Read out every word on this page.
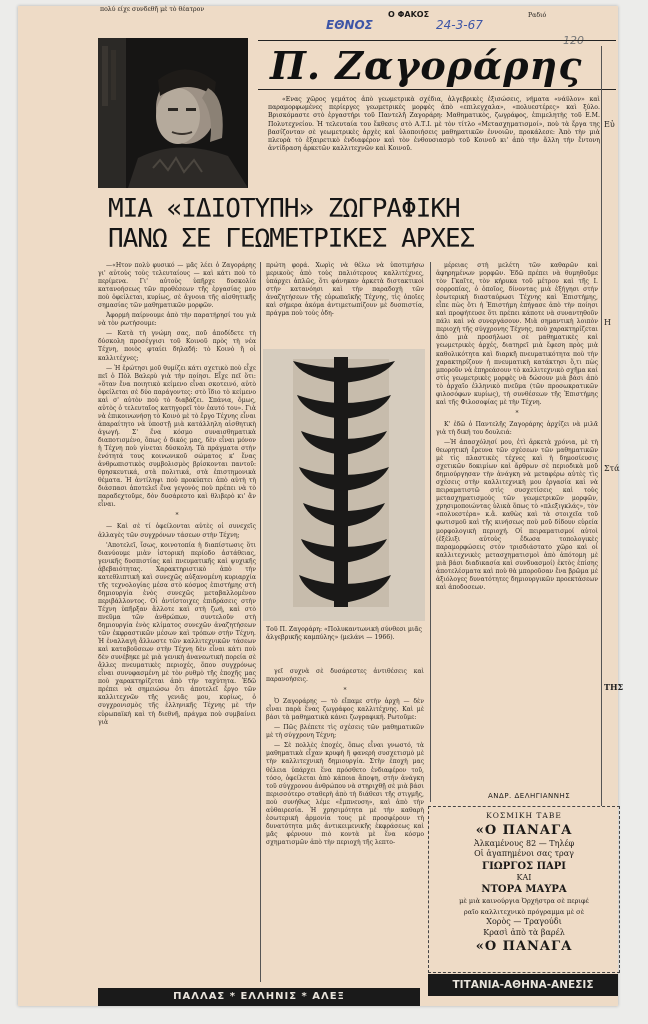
πολύ είχε συνδεθῆ μὲ τὸ θέατρον
Ραδιό
Ο ΦΑΚΟΣ
ΕΘΝΟΣ	24-3-67
120
Π. Ζαγοράρης
«Ενας χῶρος γεμάτος ἀπὸ γεωμετρικὰ σχέδια, ἀλγεβρικὲς ἐξισώσεις, νήματα «νάϋλον» καὶ παραμορφωμένες περίεργες γεωμετρικὲς μορφὲς ἀπὸ «επιλεγχαλα», «πολυεστέρες» καὶ ξύλο. Βρισκόμαστε στὸ ἐργαστήρι τοῦ Παντελῆ Ζαγοράρη: Μαθηματικὸς, ζωγράφος, ἐπιμελητὴς τοῦ Ε.Μ. Πολυτεχνείου. Ἡ τελευταία του ἔκθεσις στὸ Α.Τ.Ι. μὲ τὸν τίτλο «Μετασχηματισμοί», ποὺ τὰ ἔργα της βασίζονταν σὲ γεωμετρικὲς ἀρχὲς καὶ ὑλοποιήσεις μαθηματικῶν ἐννοιῶν, προκάλεσε: Ἀπὸ τὴν μιὰ πλευρὰ τὸ ἐξαιρετικὸ ἐνδιαφέρον καὶ τὸν ἐνθουσιασμὸ τοῦ Κοινοῦ κι' ἀπὸ τὴν ἄλλη τὴν ἔντονη ἀντίδραση ἀρκετῶν καλλιτεχνῶν καὶ Κοινοῦ.
ΜΙΑ «ΙΔΙΟΤΥΠΗ» ΖΩΓΡΑΦΙΚΗ
ΠΑΝΩ ΣΕ ΓΕΩΜΕΤΡΙΚΕΣ ΑΡΧΕΣ

—«Ητον πολὺ φυσικό — μᾶς λέει ὁ Ζαγοράρης γι' αὐτοὺς τοὺς τελευταίους — καὶ κάτι ποὺ τὸ περίμενα. Γι' αὐτοὺς ὑπῆρχε δυσκολία κατανοήσεως τῶν προθέσεων τῆς ἐργασίας μου ποὺ ὀφείλεται, κυρίως, σὲ ἄγνοια τῆς αἰσθητικῆς σημασίας τῶν μαθηματικῶν μορφῶν.

Ἀφορμὴ παίρνουμε ἀπὸ τὴν παρατήρησί του γιὰ νὰ τὸν ρωτήσουμε:

— Κατὰ τὴ γνώμη σας, ποῦ ἀποδίδετε τὴ δύσκολη προσέγγισι τοῦ Κοινοῦ πρὸς τὴ νέα Τέχνη, ποιὸς φταίει δηλαδή: τὸ Κοινὸ ἢ οἱ καλλιτέχνες;

— Ἡ ἐρώτησι μοῦ θυμίζει κάτι σχετικὸ ποὺ εἶχε πεῖ ὁ Πὸλ Βαλερὺ γιὰ τὴν ποίησι. Εἶχε πεῖ ὅτι: «ὅταν ἕνα ποιητικὸ κείμενο εἶναι σκοτεινό, αὐτὸ ὀφείλεται σὲ δύο παράγοντες: στὸ ἴδιο τὸ κείμενο καὶ σ' αὐτὸν ποὺ τὸ διαβάζει. Σπάνια, ὅμως, αὐτὸς ὁ τελευταῖος κατηγορεῖ τὸν ἑαυτό του». Γιὰ νὰ ἐπικοινωνήσῃ τὸ Κοινὸ μὲ τὸ ἔργο Τέχνης εἶναι ἀπαραίτητο νὰ ὑποστῇ μιὰ κατάλληλη αἰσθητικὴ ἀγωγή. Σ' ἕνα κόσμο συναισθηματικὰ διαποτισμένο, ὅπως ὁ δικός μας, δὲν εἶναι μόνον ἡ Τέχνη ποὺ γίνεται δύσκολη. Τὰ πράγματα στὴν ἑνότητά τους κοινωνικοῦ σώματος κ' ἕνας ἀνθρωπιστικὸς συμβολισμὸς βρίσκονται παντοῦ: θρησκευτικά, στὰ πολιτικά, στὰ ἐπιστημονικὰ θέματα. Ἡ ἀντίληψι ποὺ προκύπτει ἀπὸ αὐτὴ τὴ διάσπασι ἀποτελεῖ ἕνα γεγονὸς ποὺ πρέπει νὰ τὸ παραδεχτοῦμε, δὸν δυσάρεστο καὶ θλιβερὸ κι' ἂν εἶναι.

*

— Καὶ σὲ τί ὀφείλονται αὐτὲς οἱ συνεχεῖς ἀλλαγὲς τῶν συγχρόνων τάσεων στὴν Τέχνη;

'Αποτελεῖ, ἴσως, κοινοτοπία ἡ διαπίστωσις ὅτι διανύουμε μιὰν ἱστορικὴ περίοδο ἀστάθειας, γενικῆς δυσπιστίας καὶ πνευματικῆς καὶ ψυχικῆς ἀβεβαιότητας. Χαρακτηριστικὸ ἀπὸ τὴν κατεθλιπτικὴ καὶ συνεχῶς αὐξανομένη κυριαρχία τῆς τεχνολογίας μέσα στὸ κόσμος ἐπιστήμης στὴ δημιουργία ἑνὸς συνεχῶς μεταβαλλομένου περιβάλλοντος. Οἱ ἀντίστοιχες ἐπιδράσεις στὴν Τέχνη ὑπῆρξαν ἄλλοτε καὶ στὴ ζωή, καὶ στὸ πνεῦμα τῶν ἀνθρώπων, συντελοῦν στὴ δημιουργία ἑνὸς κλίματος συνεχῶν ἀναζητήσεων τῶν ἐκφραστικῶν μέσων καὶ τρόπων στὴν Τέχνη. Ἡ ἐναλλαγὴ ἄλλωστε τῶν καλλιτεχνικῶν τάσεων καὶ καταβοῦσεων στὴν Τέχνη δὲν εἶναι κάτι ποὺ δὲν συνέβηκε μὲ μιὰ γενικὴ ἀνανεωτικὴ πορεία σὲ ἄλλες πνευματικὲς περιοχές, ὅπου συγχρόνως εἶναι συνυφασμένη μὲ τὸν ρυθμὸ τῆς ἐποχῆς μας ποὺ χαρακτηρίζεται ἀπὸ τὴν ταχύτητα. Ἐδῶ πρέπει νὰ σημειώσω ὅτι ἀποτελεῖ ἔργο τῶν καλλιτεχνῶν τῆς γενιᾶς μου, κυρίως, ὁ συγχρονισμὸς τῆς ἑλληνικῆς Τέχνης μὲ τὴν εὐρωπαϊκὴ καὶ τὴ διεθνῆ, πράγμα ποὺ συμβαίνει γιὰ

πρώτη φορά. Χωρὶς νὰ θέλω νὰ ὑποτιμήσω μερικοὺς ἀπὸ τοὺς παλιότερους καλλιτέχνες, ὑπάρχει ἁπλῶς, ὅτι φάνηκαν ἀρκετὰ διστακτικοὶ στὴν κατανόησι καὶ τὴν παραδοχὴ τῶν ἀναζητήσεων τῆς εὐρωπαϊκῆς Τέχνης, τὶς ὁποῖες καὶ σήμερα ἀκόμα ἀντιμετωπίζουν μὲ δυσπιστία, πράγμα ποὺ τοὺς ὁδη-

Τοῦ Π. Ζαγοράρη: «Πολυκαντωνικὴ σύνθεσι μιᾶς ἀλγεβρικῆς καμπύλης» (μελάνι — 1966).

γεῖ συχνὰ σὲ δυσάρεστες ἀντιθέσεις καὶ παρανοήσεις.

*

Ὁ Ζαγοράρης — τὸ εἴπαμε στὴν ἀρχὴ — δὲν εἶναι παρὰ ἕνας ζωγράφος καλλιτέχνης. Καὶ μὲ βάσι τὰ μαθηματικὰ κάνει ζωγραφική. Ρωτοῦμε:

— Πῶς βλέπετε τὶς σχέσεις τῶν μαθηματικῶν μὲ τὴ σύγχρονη Τέχνη;

— Σὲ πολλὲς ἐποχές, ὅπως εἶναι γνωστό, τὰ μαθηματικὰ εἶχαν κρυφὴ ἢ φανερὴ συσχετισμὸ μὲ τὴν καλλιτεχνικὴ δημιουργία. Στὴν ἐποχὴ μας θέλεια ὑπάρχει ἕνα πρόσθετο ἐνδιαφέρον τοῦ, τόσο, ὀφείλεται ἀπὸ κάποια ἄποψη, στὴν ἀνάγκη τοῦ σύγχρονου ἀνθρώπου νὰ στηριχθῇ σὲ μιὰ βάσι περισσότερο σταθερὴ ἀπὸ τὴ διάθεσι τῆς στιγμῆς, ποὺ συνήθως λέμε «ἔμπνευση», καὶ ἀπὸ τὴν αὐθαιρεσία. Ἡ χρησιμότητα μὲ τὴν καθαρὴ ἐσωτερικὴ ἁρμονία τους μὲ προσφέρουν τὴ δυνατότητα μιᾶς ἀντικειμενικῆς ἐκφράσεως καὶ μᾶς φέρνουν πιὸ κοντὰ μὲ ἕνα κόσμο σχηματισμῶν ἀπὸ τὴν περιοχὴ τῆς λεπτο-

μέρειας στὴ μελέτη τῶν καθαρῶν καὶ ἀφηρημένων μορφῶν. Ἐδῶ πρέπει νὰ θυμηθοῦμε τὸν Γκαῖτε, τὸν κήρυκα τοῦ μέτρου καὶ τῆς Ι. σορροπίας, ὁ ὁποῖος, δίνοντας μιὰ ἐξήγησι στὴν ἐσωτερικὴ διασταύρωσι Τέχνης καὶ Ἐπιστήμης, εἶπε πὼς ὅτι ἡ Ἐπιστήμη ἐπήγασε ἀπὸ τὴν ποίησι καὶ προφήτευσε ὅτι πρέπει κάποτε νὰ συναντηθοῦν πάλι καὶ νὰ συνεργάσουν. Μιὰ σημαντικὴ λοιπὸν περιοχὴ τῆς σύγχρονης Τέχνης, ποὺ χαρακτηρίζεται ἀπὸ μιὰ προσήλωσι σὲ μαθηματικὲς καὶ γεωμετρικὲς ἀρχές, διατηρεῖ μιὰ ἔφεση πρὸς μιὰ καθολικότητα καὶ διαρκῆ πνευματικότητα ποὺ τὴν χαρακτηρίζουν ἡ πνευματικὴ κατάκτησι ὅ,τι πὼς μποροῦν νὰ ἐπηρεάσουν τὸ καλλιτεχνικὸ σχῆμα καὶ στὶς γεωμετρικὲς μορφὲς νὰ δώσουν μιὰ βάσι ἀπὸ τὸ ἀρχαῖο ἑλληνικὸ πνεῦμα (τῶν προσωκρατικῶν φιλοσόφων κυρίως), τὴ συνθέσεων τῆς Ἐπιστήμης καὶ τῆς Φιλοσοφίας μὲ τὴν Τέχνη.

*

Κ' ἐδῶ ὁ Παντελῆς Ζαγοράρης ἀρχίζει νὰ μιλᾶ γιὰ τὴ δική του δουλειά:

—Ἡ ἀπασχόλησί μου, ἐτὶ ἀρκετὰ χρόνια, μὲ τὴ θεωρητικὴ ἔρευνα τῶν σχέσεων τῶν μαθηματικῶν μὲ τὶς πλαστικὲς τέχνες καὶ ἡ δημοσίευσις σχετικῶν δοκιμίων καὶ ἄρθρων σὲ περιοδικὰ μοῦ δημιούργησαν τὴν ἀνάγκη νὰ μεταφέρω αὐτὲς τὶς σχέσεις στὴν καλλιτεχνικὴ μου ἐργασία καὶ νὰ πειραματιστῶ στὶς συσχετίσεις καὶ τοὺς μετασχηματισμοὺς τῶν γεωμετρικῶν μορφῶν, χρησιμοποιώντας ὑλικὰ ὅπως τὸ «πλεξιγκλάς», τὸν «πολυεστέρα» κ.ἄ. καθὼς καὶ τὰ στοιχεῖα τοῦ φωτισμοῦ καὶ τῆς κινήσεως ποὺ μοῦ δίδουν εὐρεία μορφολογικὴ περιοχή. Οἱ πειραματισμοί αὐτοὶ (ἐξέλιξι αὐτοὺς ἔδωσα τοπολογικὲς παραμορφώσεις στὸν τρισδιάστατο χῶρο καὶ οἱ καλλιτεχνικὲς μετασχηματισμοὶ ἀπὸ ἀπότομη μὲ μιὰ βάσι διαδικασία καὶ συνδυασμοί) ἐκτὸς ἐπίσης ἀποτελέσματα καὶ ποὺ θὰ μποροῦσαν ἕνα βρῶμα μὲ ἀξιόλογες δυνατότητες δημιουργικῶν προεκτάσεων καὶ ἀποδοσεων.

ΑΝΔΡ. ΔΕΛΗΓΙΑΝΝΗΣ
Εὐ
Στά
Η
ΤΗΣ
ΚΟΣΜΙΚΗ ΤΑΒΕ
«Ο ΠΑΝΑΓΑ
Ἀλκαμένους 82 — Τηλέφ
Οἱ ἀγαπημένοι σας τραγ
ΓΙΩΡΓΟΣ ΠΑΡΙ
ΚΑΙ
ΝΤΟΡΑ ΜΑΥΡΑ
μὲ μιὰ καινούργια Ὀρχήστρα σὲ περιφέ
ραῖο καλλιτεχνικὸ πρόγραμμα μὲ σὲ
Χορὸς — Τραγούδι
Κρασὶ ἀπὸ τὰ βαρέλ
«Ο ΠΑΝΑΓΑ
ΠΑΛΛΑΣ * ΕΛΛΗΝΙΣ * ΑΛΕΞ
ΤΙΤΑΝΙΑ-ΑΘΗΝΑ-ΑΝΕΣΙΣ
